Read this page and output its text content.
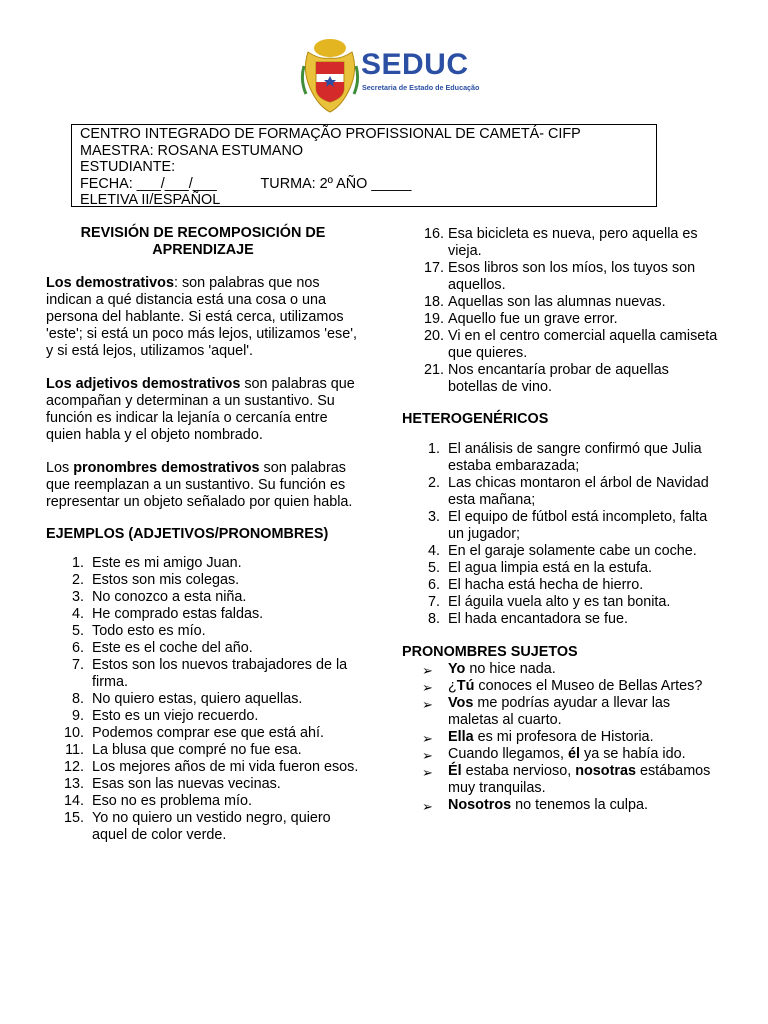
SEDUC
Secretaria de Estado de Educação
CENTRO INTEGRADO DE FORMAÇÃO PROFISSIONAL DE CAMETÁ- CIFP
MAESTRA: ROSANA ESTUMANO
ESTUDIANTE:
FECHA: ___/___/___           TURMA: 2º AÑO _____
ELETIVA II/ESPAÑOL
REVISIÓN DE RECOMPOSICIÓN DE
APRENDIZAJE

Los demostrativos: son palabras que nos indican a qué distancia está una cosa o una persona del hablante. Si está cerca, utilizamos 'este'; si está un poco más lejos, utilizamos 'ese', y si está lejos, utilizamos 'aquel'.

Los adjetivos demostrativos son palabras que acompañan y determinan a un sustantivo. Su función es indicar la lejanía o cercanía entre quien habla y el objeto nombrado.

Los pronombres demostrativos son palabras que reemplazan a un sustantivo. Su función es representar un objeto señalado por quien habla.

EJEMPLOS (ADJETIVOS/PRONOMBRES)
1. Este es mi amigo Juan.
2. Estos son mis colegas.
3. No conozco a esta niña.
4. He comprado estas faldas.
5. Todo esto es mío.
6. Este es el coche del año.
7. Estos son los nuevos trabajadores de la firma.
8. No quiero estas, quiero aquellas.
9. Esto es un viejo recuerdo.
10. Podemos comprar ese que está ahí.
11. La blusa que compré no fue esa.
12. Los mejores años de mi vida fueron esos.
13. Esas son las nuevas vecinas.
14. Eso no es problema mío.
15. Yo no quiero un vestido negro, quiero aquel de color verde.
16. Esa bicicleta es nueva, pero aquella es vieja.
17. Esos libros son los míos, los tuyos son aquellos.
18. Aquellas son las alumnas nuevas.
19. Aquello fue un grave error.
20. Vi en el centro comercial aquella camiseta que quieres.
21. Nos encantaría probar de aquellas botellas de vino.
HETEROGENÉRICOS
1. El análisis de sangre confirmó que Julia estaba embarazada;
2. Las chicas montaron el árbol de Navidad esta mañana;
3. El equipo de fútbol está incompleto, falta un jugador;
4. En el garaje solamente cabe un coche.
5. El agua limpia está en la estufa.
6. El hacha está hecha de hierro.
7. El águila vuela alto y es tan bonita.
8. El hada encantadora se fue.
PRONOMBRES SUJETOS
➢ Yo no hice nada.
➢ ¿Tú conoces el Museo de Bellas Artes?
➢ Vos me podrías ayudar a llevar las maletas al cuarto.
➢ Ella es mi profesora de Historia.
➢ Cuando llegamos, él ya se había ido.
➢ Él estaba nervioso, nosotras estábamos muy tranquilas.
➢ Nosotros no tenemos la culpa.
